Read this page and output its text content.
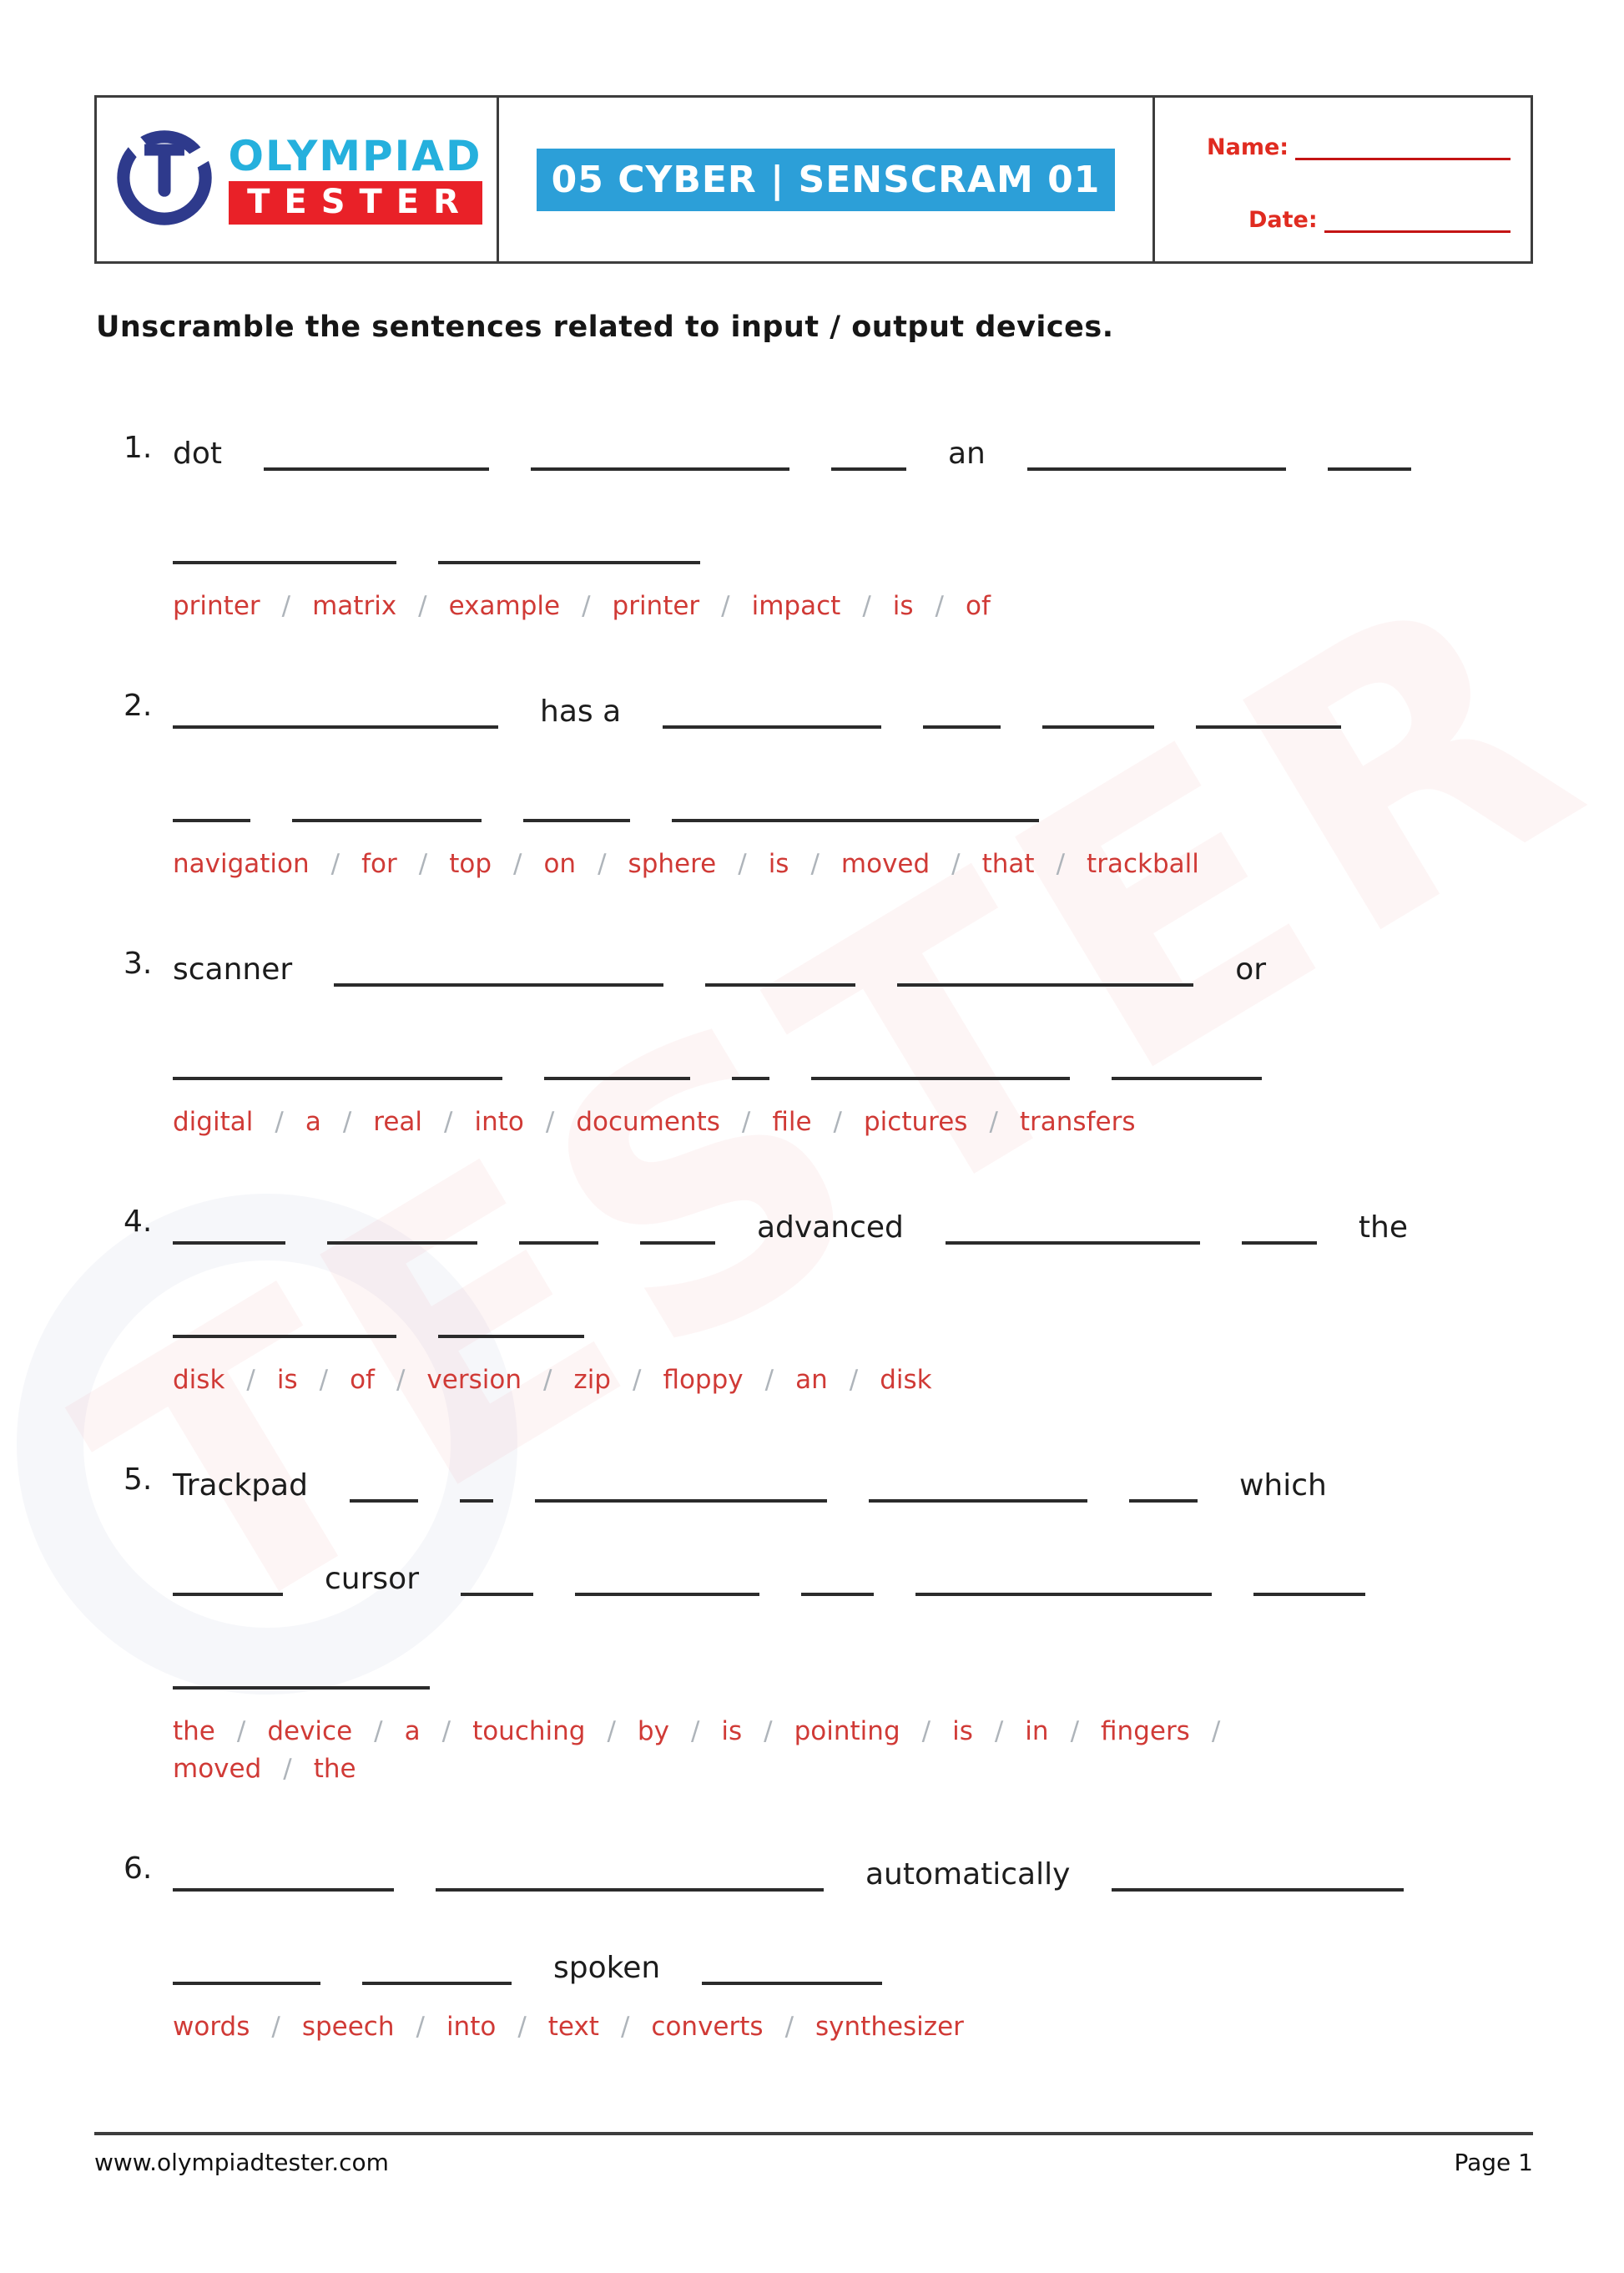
OLYMPIAD
TESTER
05 CYBER | SENSCRAM 01
Name:
Date:
Unscramble the sentences related to input / output devices.
1. dot	an
printer / matrix / example / printer / impact / is / of
2.	has a
navigation / for / top / on / sphere / is / moved / that / trackball
3. scanner	or
digital / a / real / into / documents / file / pictures / transfers
4.	advanced	the
disk / is / of / version / zip / floppy / an / disk
5. Trackpad	which
cursor
the / device / a / touching / by / is / pointing / is / in / fingers /
moved / the
6.	automatically
spoken
words / speech / into / text / converts / synthesizer
www.olympiadtester.com	Page 1
